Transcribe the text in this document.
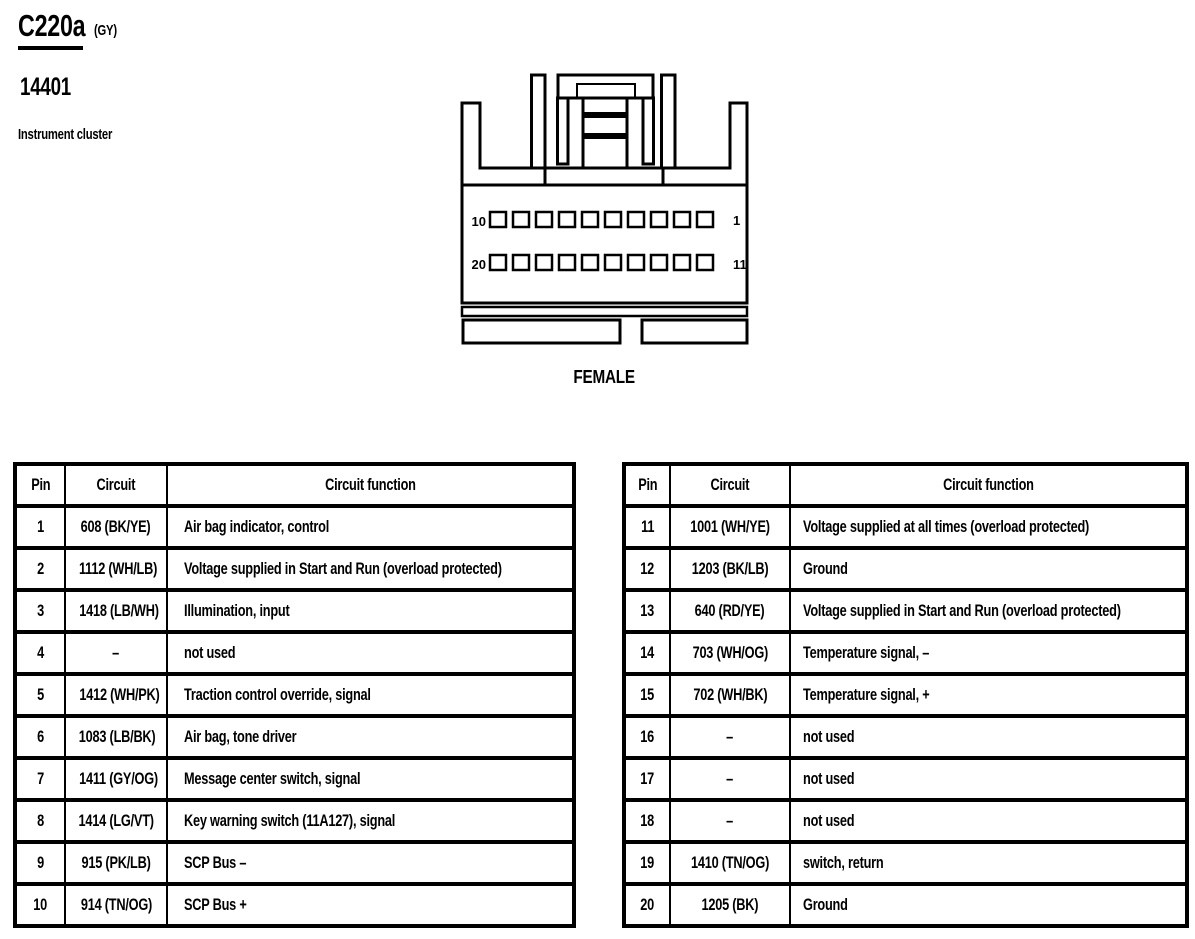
C220a (GY)
14401
Instrument cluster
10	1
20	11
FEMALE
Pin	Circuit	Circuit function
1	608 (BK/YE)	Air bag indicator, control
2	1112 (WH/LB)	Voltage supplied in Start and Run (overload protected)
3	1418 (LB/WH)	Illumination, input
4	–	not used
5	1412 (WH/PK)	Traction control override, signal
6	1083 (LB/BK)	Air bag, tone driver
7	1411 (GY/OG)	Message center switch, signal
8	1414 (LG/VT)	Key warning switch (11A127), signal
9	915 (PK/LB)	SCP Bus –
10	914 (TN/OG)	SCP Bus +
Pin	Circuit	Circuit function
11	1001 (WH/YE)	Voltage supplied at all times (overload protected)
12	1203 (BK/LB)	Ground
13	640 (RD/YE)	Voltage supplied in Start and Run (overload protected)
14	703 (WH/OG)	Temperature signal, –
15	702 (WH/BK)	Temperature signal, +
16	–	not used
17	–	not used
18	–	not used
19	1410 (TN/OG)	switch, return
20	1205 (BK)	Ground
